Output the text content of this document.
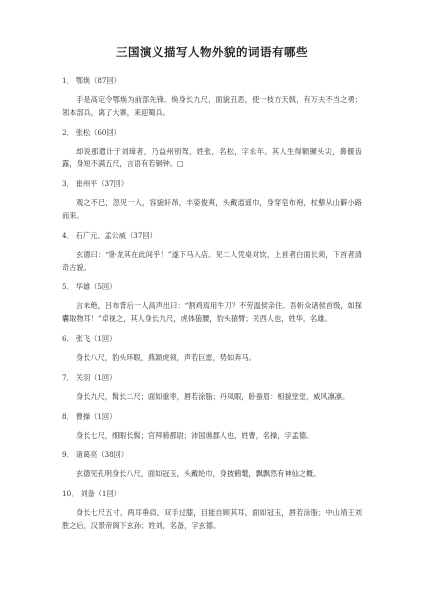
三国演义描写人物外貌的词语有哪些

1． 鄂焕（87回）

手是高定令鄂焕为前部先锋。焕身长九尺，面貌丑恶，使一枝方天戟，有万夫不当之勇；领本部兵，离了大寨，来迎蜀兵。

2． 张松（60回）

却说那遣计于刘璋者，乃益州别驾，姓张，名松，字永年。其人生得额镢头尖，鼻偃齿露，身短不满五尺，言语有若铜钟。□

3． 崔州平（37回）

观之不已，忽见一人，容貌轩昂，丰姿俊爽，头戴逍遥巾，身穿皂布袍，杖藜从山僻小路而来。

4． 石广元、孟公威（37回）

玄德曰：“卧龙其在此间乎！”遂下马入店。见二人凭桌对饮，上首者白面长须，下首者清奇古貌。

5． 华雄（5回）

言未绝，吕布背后一人高声出曰：“割鸡焉用牛刀？不劳温侯亲往。吾斩众诸侯首级，如探囊取物耳！”卓视之，其人身长九尺，虎体狼腰，豹头猿臂；关西人也，姓华，名雄。

6． 张飞（1回）

身长八尺，豹头环眼，燕颔虎须，声若巨雷，势如奔马。

7． 关羽（1回）

身长九尺，髯长二尺；面如重枣，唇若涂脂；丹凤眼，卧蚕眉：相貌堂堂，威风凛凛。

8． 曹操（1回）

身长七尺，细眼长髯；官拜骑都尉；沛国谯郡人也，姓曹，名操，字孟德。

9． 诸葛亮（38回）

玄德见孔明身长八尺，面如冠玉，头戴纶巾，身披鹤氅，飘飘然有神仙之概。

10． 刘备（1回）

身长七尺五寸，两耳垂肩，双手过膝，目能自顾其耳，面如冠玉，唇若涂脂；中山靖王刘胜之后，汉景帝阁下玄孙；姓刘，名备，字玄德。
